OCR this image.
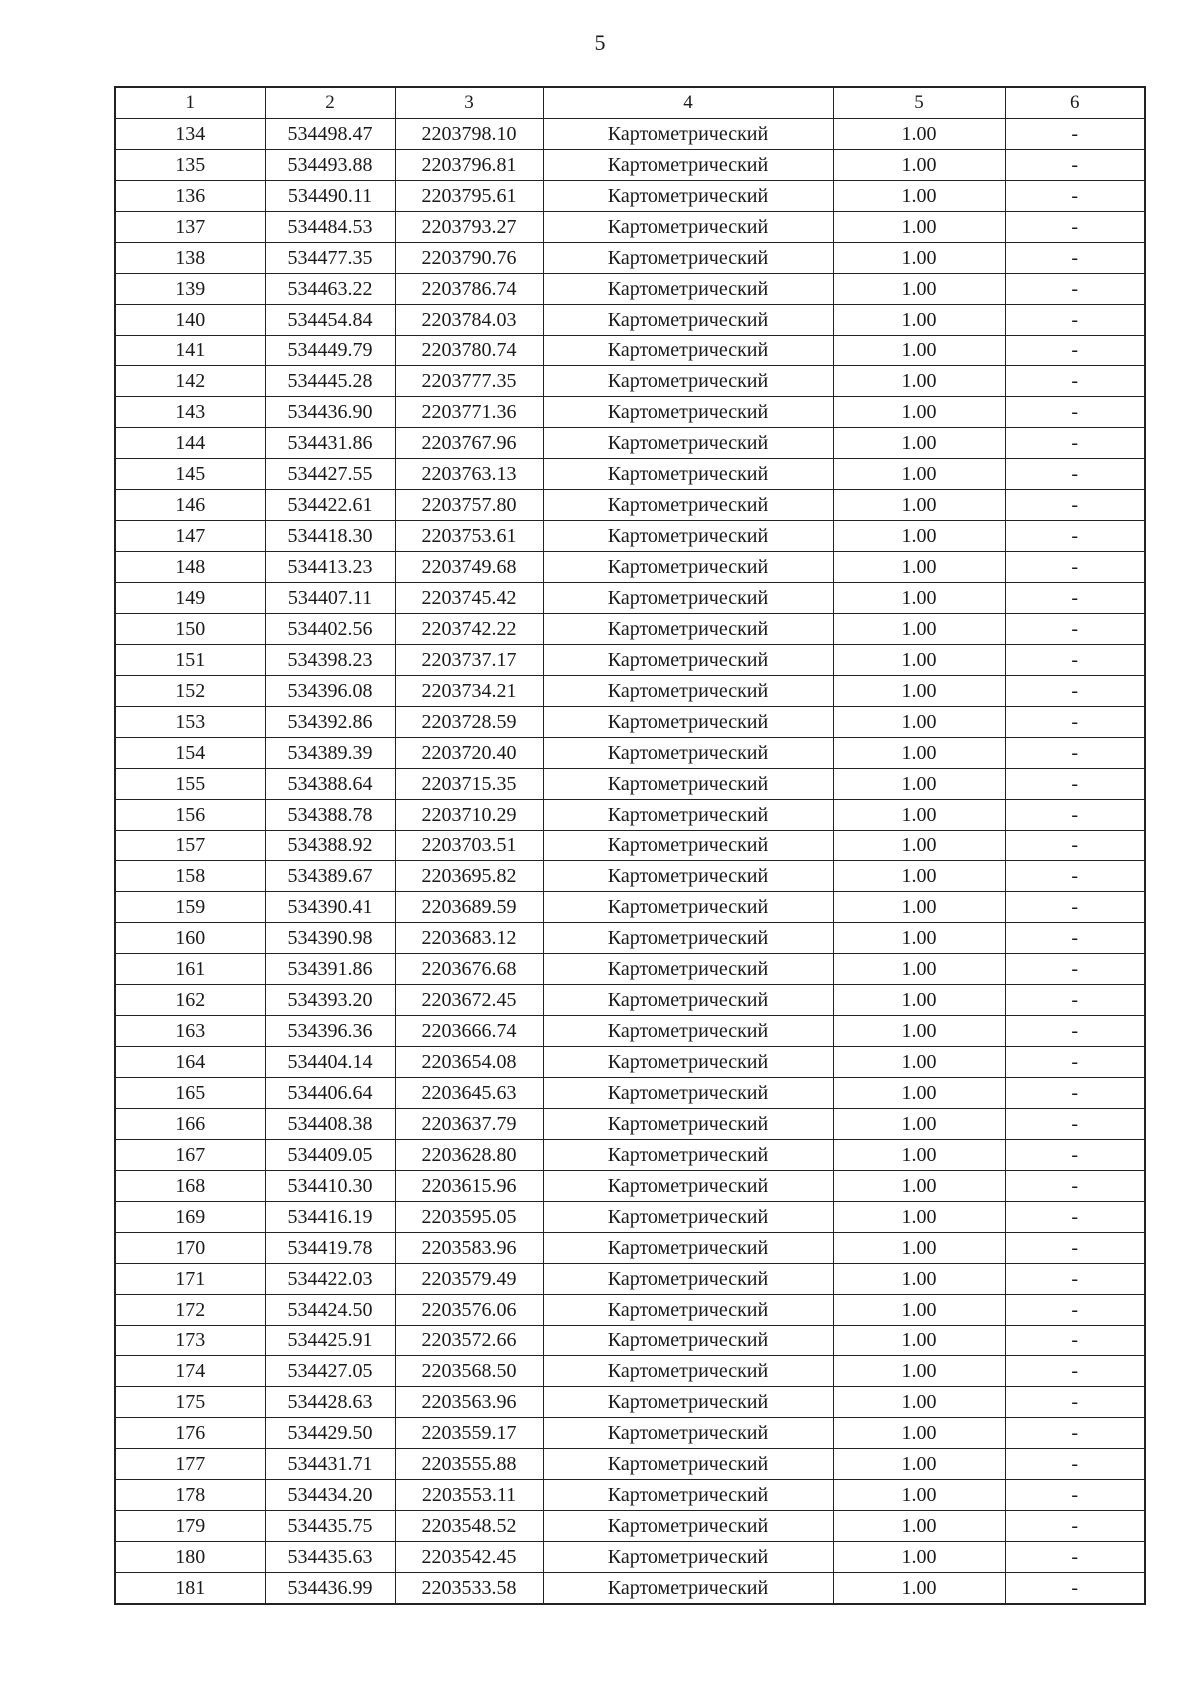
5
1	2	3	4	5	6
134	534498.47	2203798.10	Картометрический	1.00	-
135	534493.88	2203796.81	Картометрический	1.00	-
136	534490.11	2203795.61	Картометрический	1.00	-
137	534484.53	2203793.27	Картометрический	1.00	-
138	534477.35	2203790.76	Картометрический	1.00	-
139	534463.22	2203786.74	Картометрический	1.00	-
140	534454.84	2203784.03	Картометрический	1.00	-
141	534449.79	2203780.74	Картометрический	1.00	-
142	534445.28	2203777.35	Картометрический	1.00	-
143	534436.90	2203771.36	Картометрический	1.00	-
144	534431.86	2203767.96	Картометрический	1.00	-
145	534427.55	2203763.13	Картометрический	1.00	-
146	534422.61	2203757.80	Картометрический	1.00	-
147	534418.30	2203753.61	Картометрический	1.00	-
148	534413.23	2203749.68	Картометрический	1.00	-
149	534407.11	2203745.42	Картометрический	1.00	-
150	534402.56	2203742.22	Картометрический	1.00	-
151	534398.23	2203737.17	Картометрический	1.00	-
152	534396.08	2203734.21	Картометрический	1.00	-
153	534392.86	2203728.59	Картометрический	1.00	-
154	534389.39	2203720.40	Картометрический	1.00	-
155	534388.64	2203715.35	Картометрический	1.00	-
156	534388.78	2203710.29	Картометрический	1.00	-
157	534388.92	2203703.51	Картометрический	1.00	-
158	534389.67	2203695.82	Картометрический	1.00	-
159	534390.41	2203689.59	Картометрический	1.00	-
160	534390.98	2203683.12	Картометрический	1.00	-
161	534391.86	2203676.68	Картометрический	1.00	-
162	534393.20	2203672.45	Картометрический	1.00	-
163	534396.36	2203666.74	Картометрический	1.00	-
164	534404.14	2203654.08	Картометрический	1.00	-
165	534406.64	2203645.63	Картометрический	1.00	-
166	534408.38	2203637.79	Картометрический	1.00	-
167	534409.05	2203628.80	Картометрический	1.00	-
168	534410.30	2203615.96	Картометрический	1.00	-
169	534416.19	2203595.05	Картометрический	1.00	-
170	534419.78	2203583.96	Картометрический	1.00	-
171	534422.03	2203579.49	Картометрический	1.00	-
172	534424.50	2203576.06	Картометрический	1.00	-
173	534425.91	2203572.66	Картометрический	1.00	-
174	534427.05	2203568.50	Картометрический	1.00	-
175	534428.63	2203563.96	Картометрический	1.00	-
176	534429.50	2203559.17	Картометрический	1.00	-
177	534431.71	2203555.88	Картометрический	1.00	-
178	534434.20	2203553.11	Картометрический	1.00	-
179	534435.75	2203548.52	Картометрический	1.00	-
180	534435.63	2203542.45	Картометрический	1.00	-
181	534436.99	2203533.58	Картометрический	1.00	-
